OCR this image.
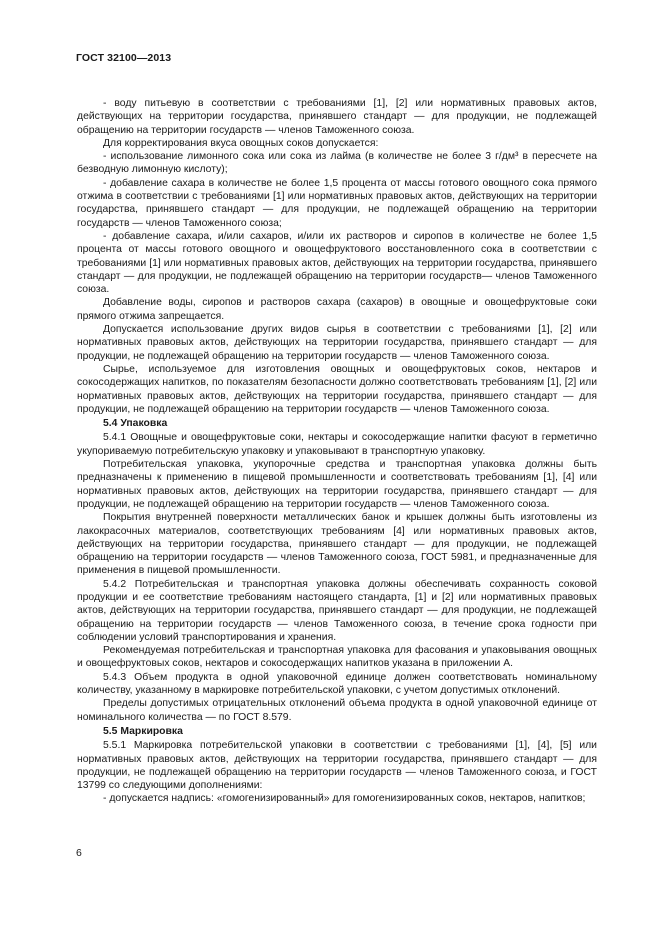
ГОСТ 32100—2013

- воду питьевую в соответствии с требованиями [1], [2] или нормативных правовых актов, действующих на территории государства, принявшего стандарт — для продукции, не подлежащей обращению на территории государств — членов Таможенного союза.

Для корректирования вкуса овощных соков допускается:

- использование лимонного сока или сока из лайма (в количестве не более 3 г/дм³ в пересчете на безводную лимонную кислоту);

- добавление сахара в количестве не более 1,5 процента от массы готового овощного сока прямого отжима в соответствии с требованиями [1] или нормативных правовых актов, действующих на территории государства, принявшего стандарт — для продукции, не подлежащей обращению на территории государств — членов Таможенного союза;

- добавление сахара, и/или сахаров, и/или их растворов и сиропов в количестве не более 1,5 процента от массы готового овощного и овощефруктового восстановленного сока в соответствии с требованиями [1] или нормативных правовых актов, действующих на территории государства, принявшего стандарт — для продукции, не подлежащей обращению на территории государств— членов Таможенного союза.

Добавление воды, сиропов и растворов сахара (сахаров) в овощные и овощефруктовые соки прямого отжима запрещается.

Допускается использование других видов сырья в соответствии с требованиями [1], [2] или нормативных правовых актов, действующих на территории государства, принявшего стандарт — для продукции, не подлежащей обращению на территории государств — членов Таможенного союза.

Сырье, используемое для изготовления овощных и овощефруктовых соков, нектаров и сокосодержащих напитков, по показателям безопасности должно соответствовать требованиям [1], [2] или нормативных правовых актов, действующих на территории государства, принявшего стандарт — для продукции, не подлежащей обращению на территории государств — членов Таможенного союза.

5.4 Упаковка

5.4.1 Овощные и овощефруктовые соки, нектары и сокосодержащие напитки фасуют в герметично укупориваемую потребительскую упаковку и упаковывают в транспортную упаковку.

Потребительская упаковка, укупорочные средства и транспортная упаковка должны быть предназначены к применению в пищевой промышленности и соответствовать требованиям [1], [4] или нормативных правовых актов, действующих на территории государства, принявшего стандарт — для продукции, не подлежащей обращению на территории государств — членов Таможенного союза.

Покрытия внутренней поверхности металлических банок и крышек должны быть изготовлены из лакокрасочных материалов, соответствующих требованиям [4] или нормативных правовых актов, действующих на территории государства, принявшего стандарт — для продукции, не подлежащей обращению на территории государств — членов Таможенного союза, ГОСТ 5981, и предназначенные для применения в пищевой промышленности.

5.4.2 Потребительская и транспортная упаковка должны обеспечивать сохранность соковой продукции и ее соответствие требованиям настоящего стандарта, [1] и [2] или нормативных правовых актов, действующих на территории государства, принявшего стандарт — для продукции, не подлежащей обращению на территории государств — членов Таможенного союза, в течение срока годности при соблюдении условий транспортирования и хранения.

Рекомендуемая потребительская и транспортная упаковка для фасования и упаковывания овощных и овощефруктовых соков, нектаров и сокосодержащих напитков указана в приложении А.

5.4.3 Объем продукта в одной упаковочной единице должен соответствовать номинальному количеству, указанному в маркировке потребительской упаковки, с учетом допустимых отклонений.

Пределы допустимых отрицательных отклонений объема продукта в одной упаковочной единице от номинального количества — по ГОСТ 8.579.

5.5 Маркировка

5.5.1 Маркировка потребительской упаковки в соответствии с требованиями [1], [4], [5] или нормативных правовых актов, действующих на территории государства, принявшего стандарт — для продукции, не подлежащей обращению на территории государств — членов Таможенного союза, и ГОСТ 13799 со следующими дополнениями:

- допускается надпись: «гомогенизированный» для гомогенизированных соков, нектаров, напитков;

6
